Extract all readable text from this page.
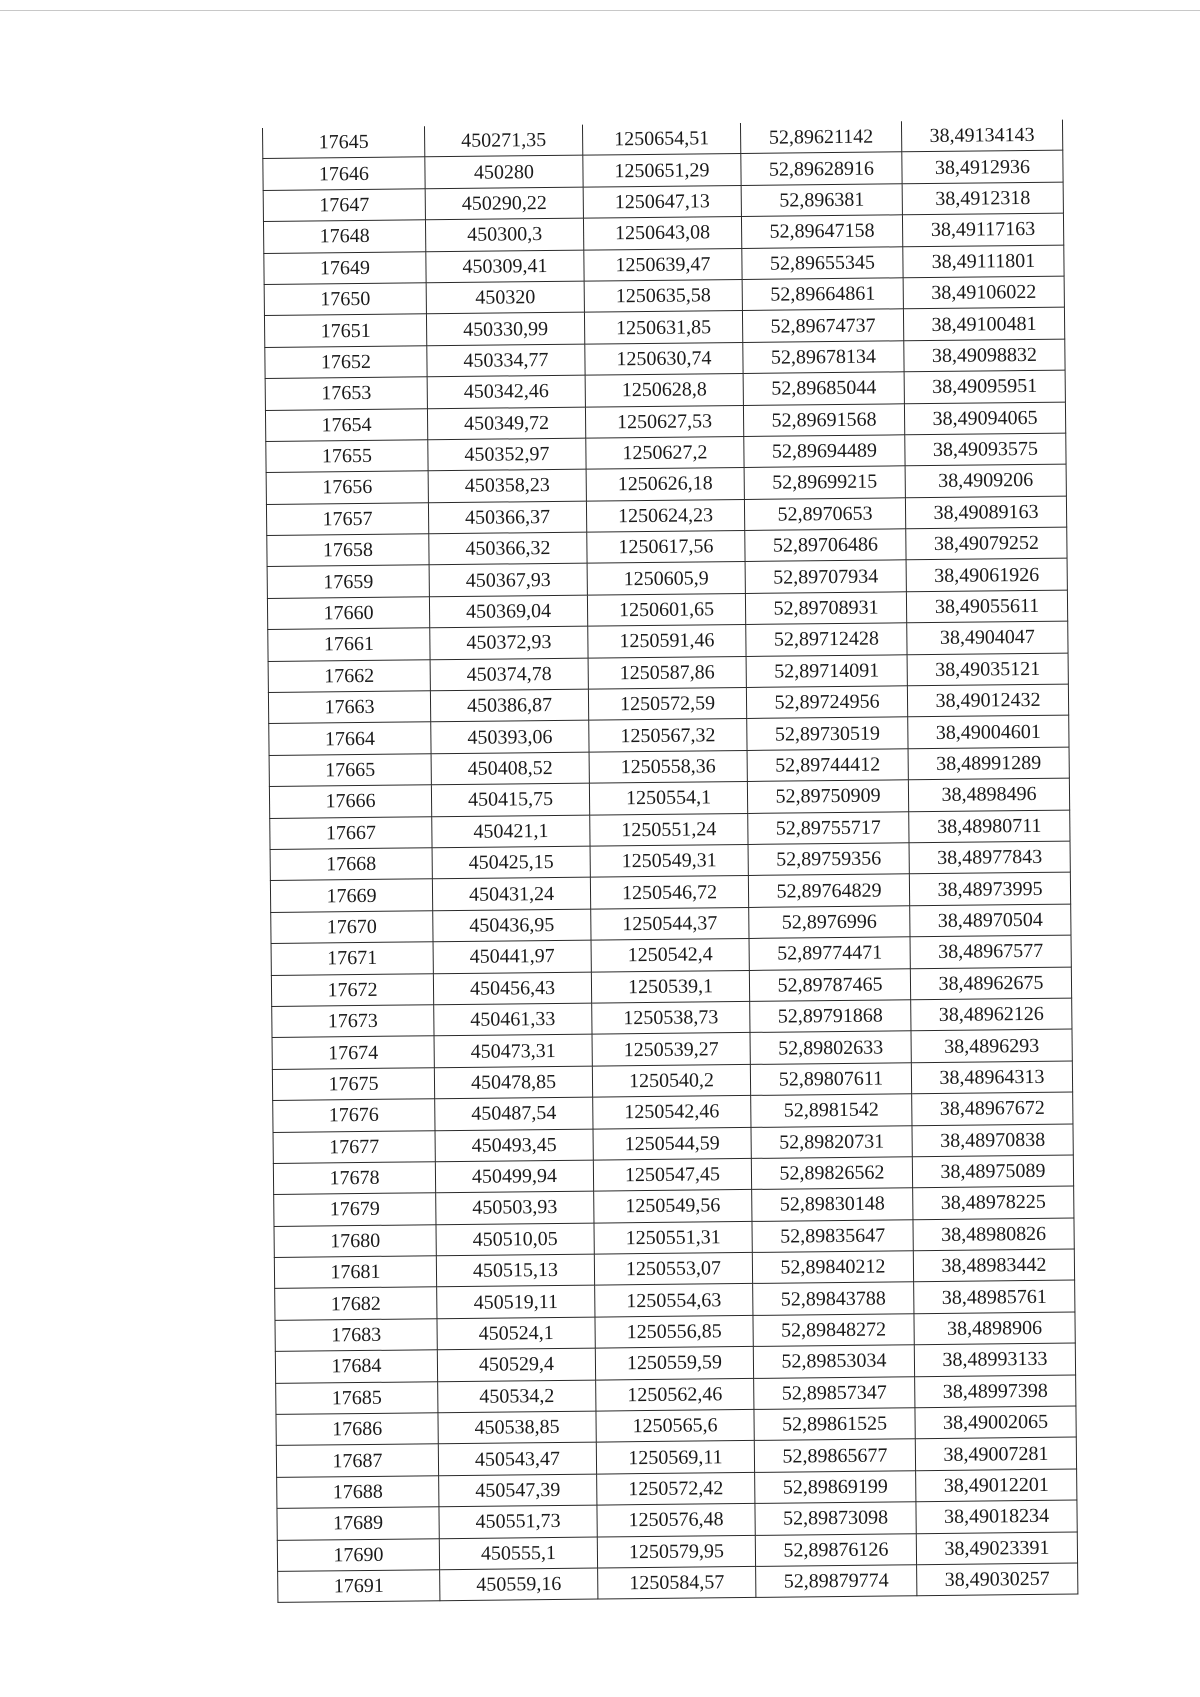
17645	450271,35	1250654,51	52,89621142	38,49134143
17646	450280	1250651,29	52,89628916	38,4912936
17647	450290,22	1250647,13	52,896381	38,4912318
17648	450300,3	1250643,08	52,89647158	38,49117163
17649	450309,41	1250639,47	52,89655345	38,49111801
17650	450320	1250635,58	52,89664861	38,49106022
17651	450330,99	1250631,85	52,89674737	38,49100481
17652	450334,77	1250630,74	52,89678134	38,49098832
17653	450342,46	1250628,8	52,89685044	38,49095951
17654	450349,72	1250627,53	52,89691568	38,49094065
17655	450352,97	1250627,2	52,89694489	38,49093575
17656	450358,23	1250626,18	52,89699215	38,4909206
17657	450366,37	1250624,23	52,8970653	38,49089163
17658	450366,32	1250617,56	52,89706486	38,49079252
17659	450367,93	1250605,9	52,89707934	38,49061926
17660	450369,04	1250601,65	52,89708931	38,49055611
17661	450372,93	1250591,46	52,89712428	38,4904047
17662	450374,78	1250587,86	52,89714091	38,49035121
17663	450386,87	1250572,59	52,89724956	38,49012432
17664	450393,06	1250567,32	52,89730519	38,49004601
17665	450408,52	1250558,36	52,89744412	38,48991289
17666	450415,75	1250554,1	52,89750909	38,4898496
17667	450421,1	1250551,24	52,89755717	38,48980711
17668	450425,15	1250549,31	52,89759356	38,48977843
17669	450431,24	1250546,72	52,89764829	38,48973995
17670	450436,95	1250544,37	52,8976996	38,48970504
17671	450441,97	1250542,4	52,89774471	38,48967577
17672	450456,43	1250539,1	52,89787465	38,48962675
17673	450461,33	1250538,73	52,89791868	38,48962126
17674	450473,31	1250539,27	52,89802633	38,4896293
17675	450478,85	1250540,2	52,89807611	38,48964313
17676	450487,54	1250542,46	52,8981542	38,48967672
17677	450493,45	1250544,59	52,89820731	38,48970838
17678	450499,94	1250547,45	52,89826562	38,48975089
17679	450503,93	1250549,56	52,89830148	38,48978225
17680	450510,05	1250551,31	52,89835647	38,48980826
17681	450515,13	1250553,07	52,89840212	38,48983442
17682	450519,11	1250554,63	52,89843788	38,48985761
17683	450524,1	1250556,85	52,89848272	38,4898906
17684	450529,4	1250559,59	52,89853034	38,48993133
17685	450534,2	1250562,46	52,89857347	38,48997398
17686	450538,85	1250565,6	52,89861525	38,49002065
17687	450543,47	1250569,11	52,89865677	38,49007281
17688	450547,39	1250572,42	52,89869199	38,49012201
17689	450551,73	1250576,48	52,89873098	38,49018234
17690	450555,1	1250579,95	52,89876126	38,49023391
17691	450559,16	1250584,57	52,89879774	38,49030257
